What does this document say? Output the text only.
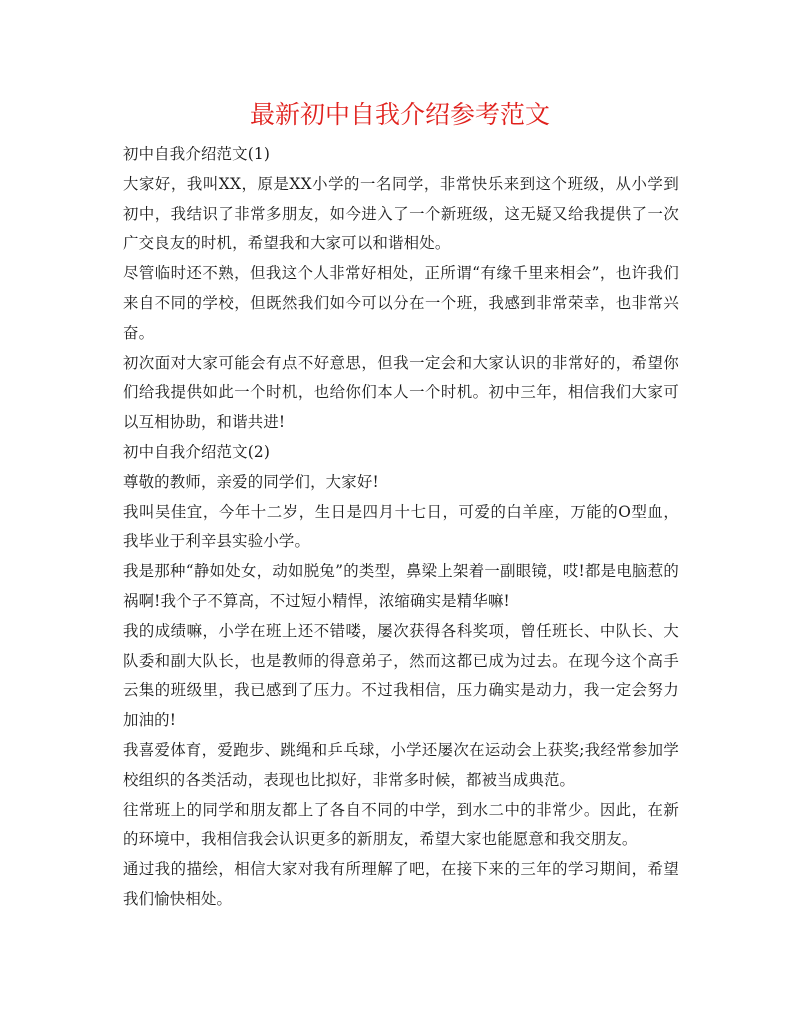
最新初中自我介绍参考范文

初中自我介绍范文(1)

大家好，我叫XX，原是XX小学的一名同学，非常快乐来到这个班级，从小学到初中，我结识了非常多朋友，如今进入了一个新班级，这无疑又给我提供了一次广交良友的时机，希望我和大家可以和谐相处。

尽管临时还不熟，但我这个人非常好相处，正所谓“有缘千里来相会”，也许我们来自不同的学校，但既然我们如今可以分在一个班，我感到非常荣幸，也非常兴奋。

初次面对大家可能会有点不好意思，但我一定会和大家认识的非常好的，希望你们给我提供如此一个时机，也给你们本人一个时机。初中三年，相信我们大家可以互相协助，和谐共进!

初中自我介绍范文(2)

尊敬的教师，亲爱的同学们，大家好!

我叫吴佳宜，今年十二岁，生日是四月十七日，可爱的白羊座，万能的O型血，我毕业于利辛县实验小学。

我是那种“静如处女，动如脱兔”的类型，鼻梁上架着一副眼镜，哎!都是电脑惹的祸啊!我个子不算高，不过短小精悍，浓缩确实是精华嘛!

我的成绩嘛，小学在班上还不错喽，屡次获得各科奖项，曾任班长、中队长、大队委和副大队长，也是教师的得意弟子，然而这都已成为过去。在现今这个高手云集的班级里，我已感到了压力。不过我相信，压力确实是动力，我一定会努力加油的!

我喜爱体育，爱跑步、跳绳和乒乓球，小学还屡次在运动会上获奖;我经常参加学校组织的各类活动，表现也比拟好，非常多时候，都被当成典范。

往常班上的同学和朋友都上了各自不同的中学，到水二中的非常少。因此，在新的环境中，我相信我会认识更多的新朋友，希望大家也能愿意和我交朋友。

通过我的描绘，相信大家对我有所理解了吧，在接下来的三年的学习期间，希望我们愉快相处。
